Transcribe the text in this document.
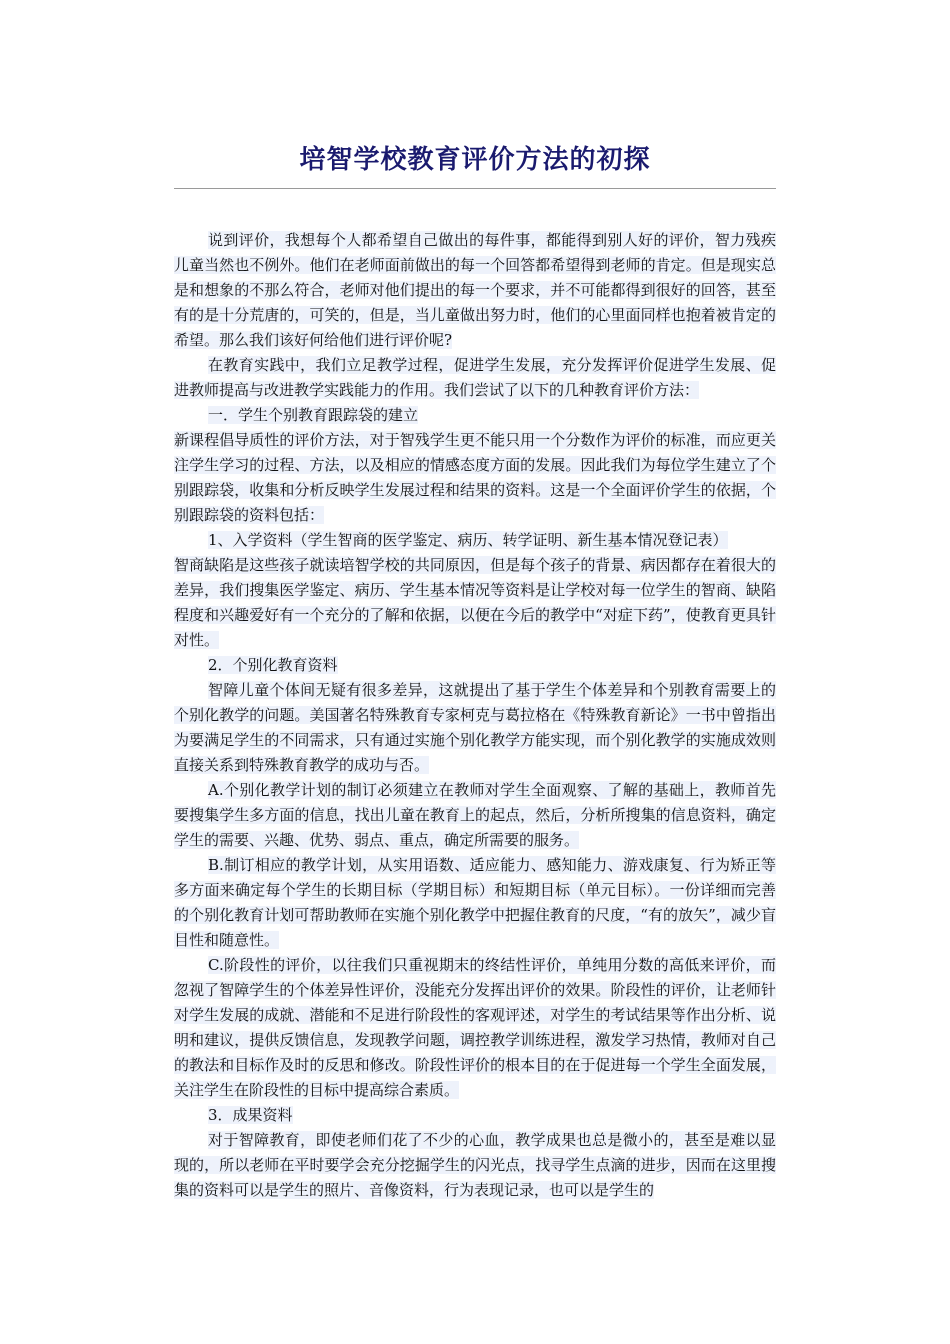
培智学校教育评价方法的初探

说到评价，我想每个人都希望自己做出的每件事，都能得到别人好的评价，智力残疾儿童当然也不例外。他们在老师面前做出的每一个回答都希望得到老师的肯定。但是现实总是和想象的不那么符合，老师对他们提出的每一个要求，并不可能都得到很好的回答，甚至有的是十分荒唐的，可笑的，但是，当儿童做出努力时，他们的心里面同样也抱着被肯定的希望。那么我们该好何给他们进行评价呢?

在教育实践中，我们立足教学过程，促进学生发展，充分发挥评价促进学生发展、促进教师提高与改进教学实践能力的作用。我们尝试了以下的几种教育评价方法：

一．学生个别教育跟踪袋的建立

新课程倡导质性的评价方法，对于智残学生更不能只用一个分数作为评价的标准，而应更关注学生学习的过程、方法，以及相应的情感态度方面的发展。因此我们为每位学生建立了个别跟踪袋，收集和分析反映学生发展过程和结果的资料。这是一个全面评价学生的依据，个别跟踪袋的资料包括：

1、入学资料（学生智商的医学鉴定、病历、转学证明、新生基本情况登记表）

智商缺陷是这些孩子就读培智学校的共同原因，但是每个孩子的背景、病因都存在着很大的差异，我们搜集医学鉴定、病历、学生基本情况等资料是让学校对每一位学生的智商、缺陷程度和兴趣爱好有一个充分的了解和依据，以便在今后的教学中“对症下药”，使教育更具针对性。

2．个别化教育资料

智障儿童个体间无疑有很多差异，这就提出了基于学生个体差异和个别教育需要上的个别化教学的问题。美国著名特殊教育专家柯克与葛拉格在《特殊教育新论》一书中曾指出为要满足学生的不同需求，只有通过实施个别化教学方能实现，而个别化教学的实施成效则直接关系到特殊教育教学的成功与否。

A.个别化教学计划的制订必须建立在教师对学生全面观察、了解的基础上，教师首先要搜集学生多方面的信息，找出儿童在教育上的起点，然后，分析所搜集的信息资料，确定学生的需要、兴趣、优势、弱点、重点，确定所需要的服务。

B.制订相应的教学计划，从实用语数、适应能力、感知能力、游戏康复、行为矫正等多方面来确定每个学生的长期目标（学期目标）和短期目标（单元目标）。一份详细而完善的个别化教育计划可帮助教师在实施个别化教学中把握住教育的尺度，“有的放矢”，减少盲目性和随意性。

C.阶段性的评价，以往我们只重视期末的终结性评价，单纯用分数的高低来评价，而忽视了智障学生的个体差异性评价，没能充分发挥出评价的效果。阶段性的评价，让老师针对学生发展的成就、潜能和不足进行阶段性的客观评述，对学生的考试结果等作出分析、说明和建议，提供反馈信息，发现教学问题，调控教学训练进程，激发学习热情，教师对自己的教法和目标作及时的反思和修改。阶段性评价的根本目的在于促进每一个学生全面发展，关注学生在阶段性的目标中提高综合素质。

3．成果资料

对于智障教育，即使老师们花了不少的心血，教学成果也总是微小的，甚至是难以显现的，所以老师在平时要学会充分挖掘学生的闪光点，找寻学生点滴的进步，因而在这里搜集的资料可以是学生的照片、音像资料，行为表现记录，也可以是学生的
